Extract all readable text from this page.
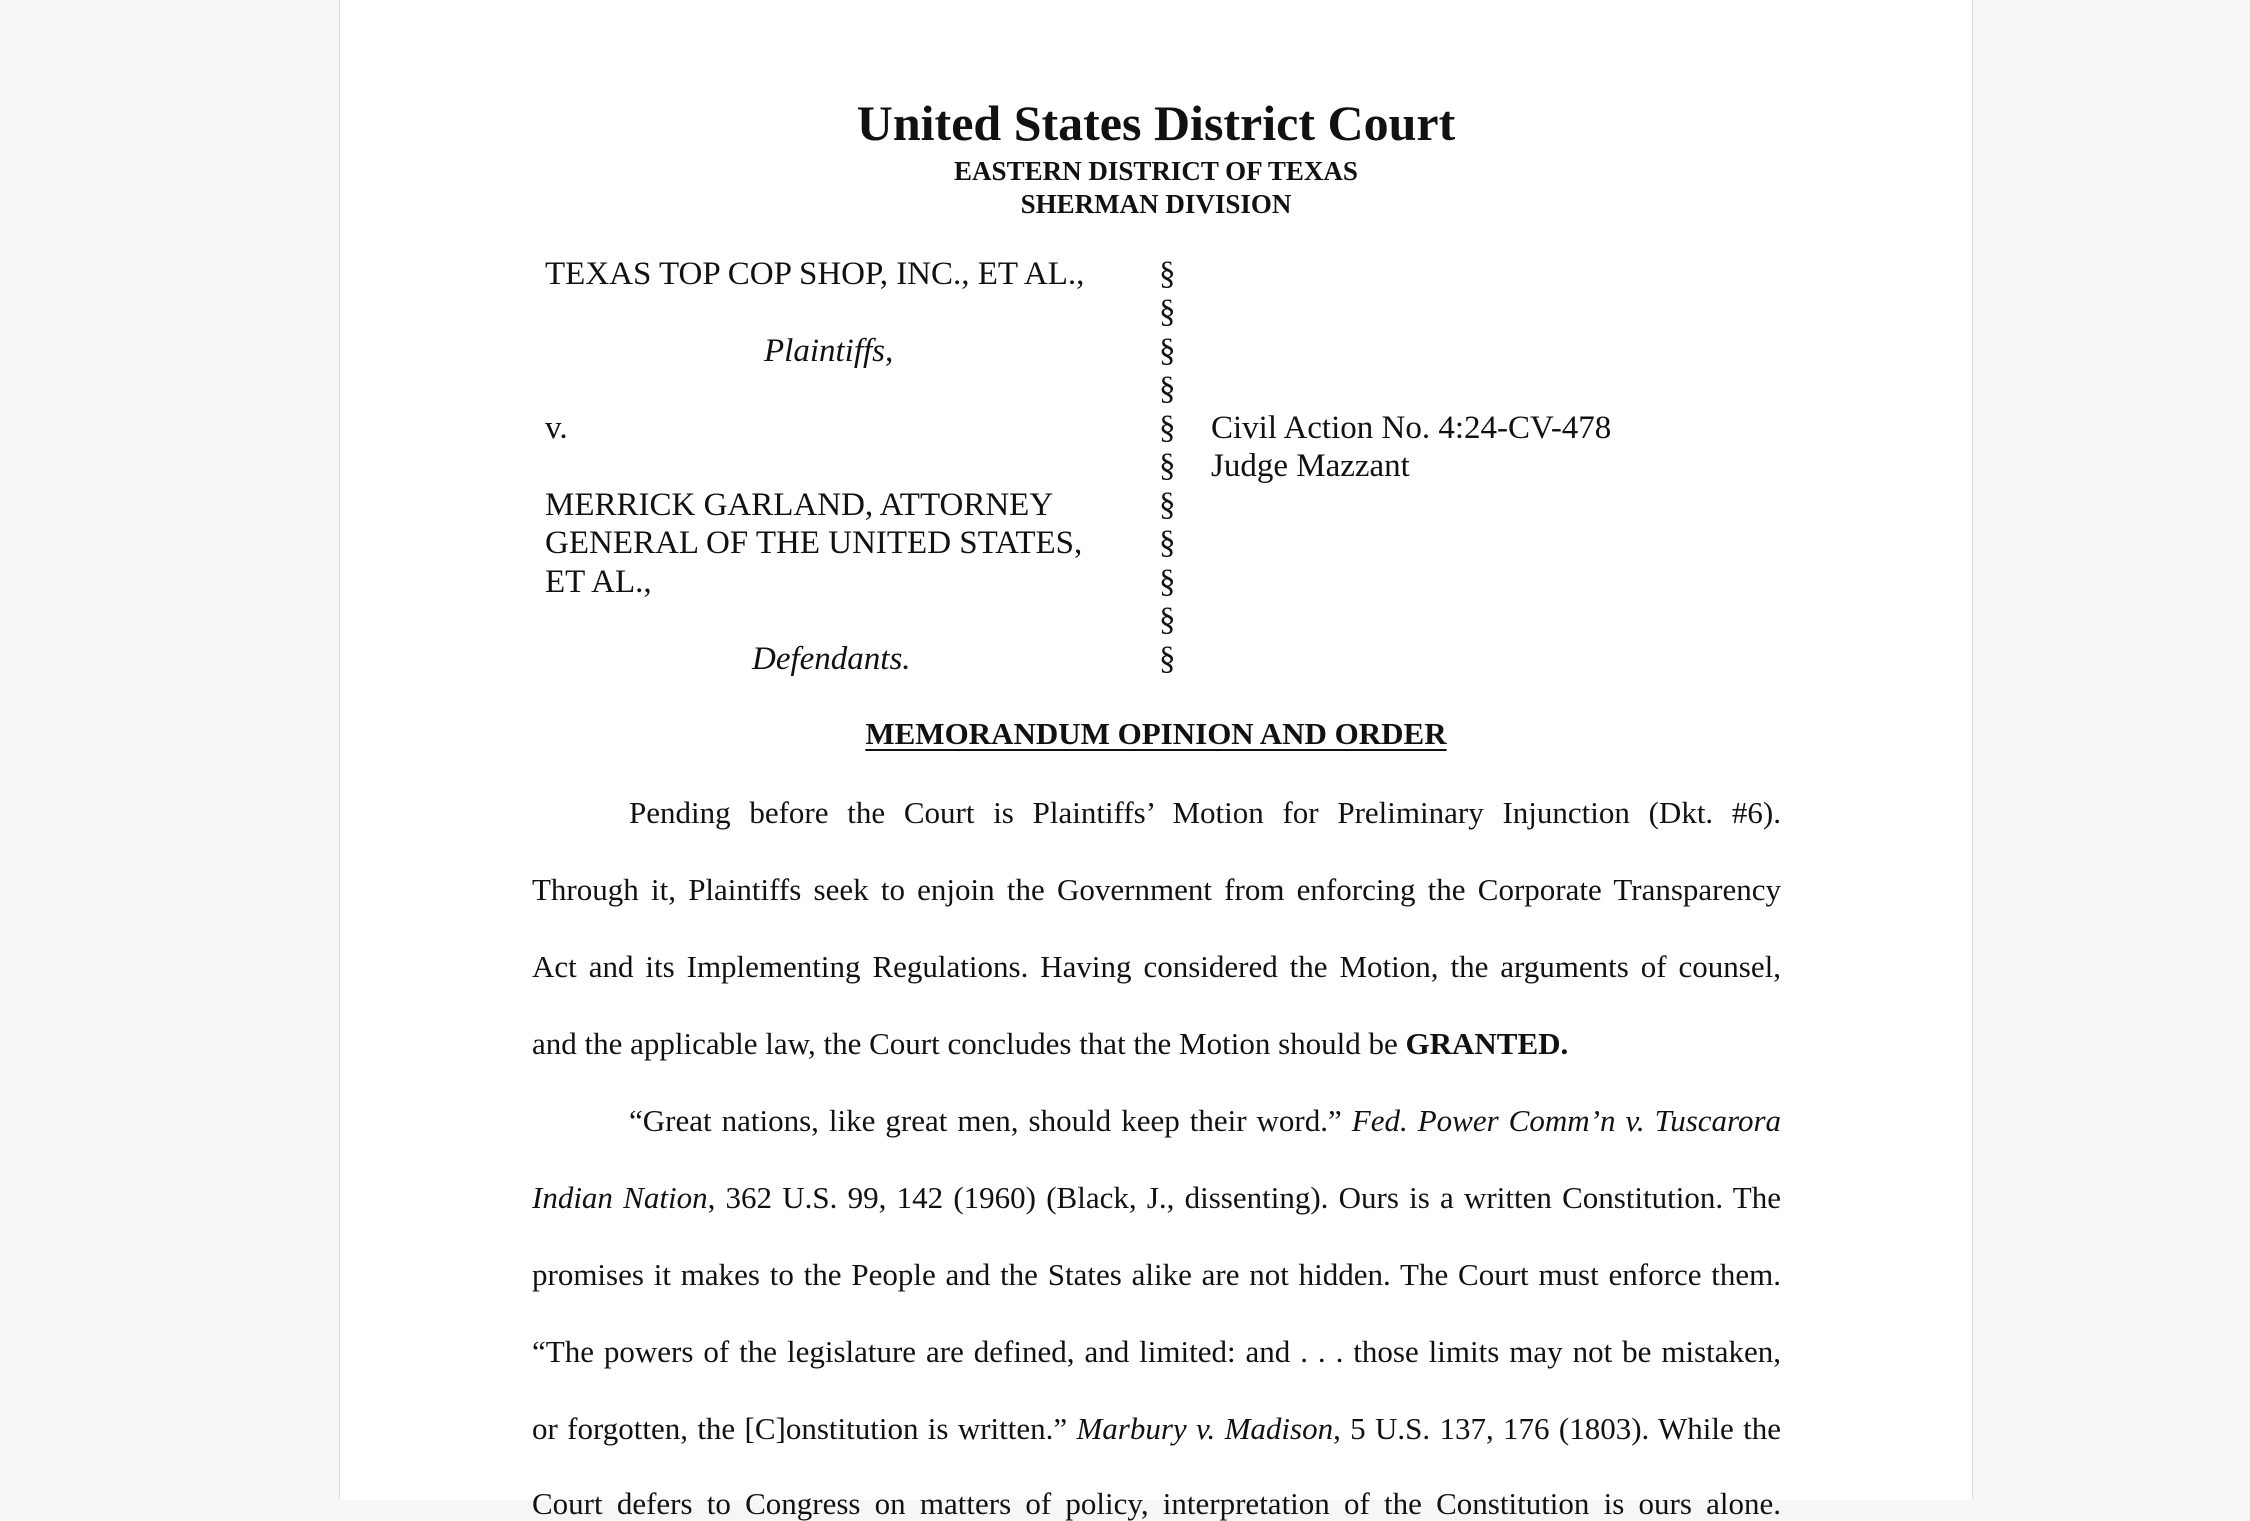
United States District Court
EASTERN DISTRICT OF TEXAS
SHERMAN DIVISION
TEXAS TOP COP SHOP, INC., ET AL.,
Plaintiffs,
v.
MERRICK GARLAND, ATTORNEY
GENERAL OF THE UNITED STATES,
ET AL.,
Defendants.
§
§
§
§
§
§
§
§
§
§
§
Civil Action No. 4:24-CV-478
Judge Mazzant
MEMORANDUM OPINION AND ORDER
Pending before the Court is Plaintiffs’ Motion for Preliminary Injunction (Dkt. #6).
Through it, Plaintiffs seek to enjoin the Government from enforcing the Corporate Transparency
Act and its Implementing Regulations. Having considered the Motion, the arguments of counsel,
and the applicable law, the Court concludes that the Motion should be GRANTED.
“Great nations, like great men, should keep their word.” Fed. Power Comm’n v. Tuscarora
Indian Nation, 362 U.S. 99, 142 (1960) (Black, J., dissenting). Ours is a written Constitution. The
promises it makes to the People and the States alike are not hidden. The Court must enforce them.
“The powers of the legislature are defined, and limited: and . . . those limits may not be mistaken,
or forgotten, the [C]onstitution is written.” Marbury v. Madison, 5 U.S. 137, 176 (1803). While the
Court defers to Congress on matters of policy, interpretation of the Constitution is ours alone.
